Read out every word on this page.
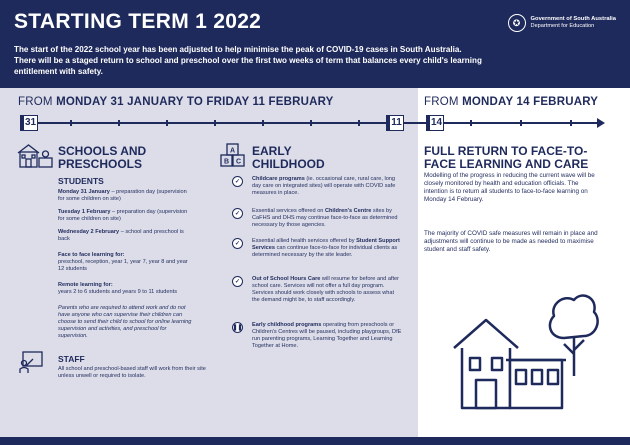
STARTING TERM 1 2022
The start of the 2022 school year has been adjusted to help minimise the peak of COVID-19 cases in South Australia. There will be a staged return to school and preschool over the first two weeks of term that balances every child's learning entitlement with safety.
✪	Government of South Australia
Department for Education
FROM MONDAY 31 JANUARY TO FRIDAY 11 FEBRUARY	FROM MONDAY 14 FEBRUARY
31	11	14
SCHOOLS AND
PRESCHOOLS
STUDENTS

Monday 31 January – preparation day (supervision for some children on site)

Tuesday 1 February – preparation day (supervision for some children on site)

Wednesday 2 February – school and preschool is back

Face to face learning for:
preschool, reception, year 1, year 7, year 8 and year 12 students

Remote learning for:
years 2 to 6 students and years 9 to 11 students

Parents who are required to attend work and do not have anyone who can supervise their children can choose to send their child to school for online learning supervision and activities, and preschool for supervision.

STAFF
All school and preschool-based staff will work from their site unless unwell or required to isolate.
A
B C
EARLY
CHILDHOOD
✓	Childcare programs (ie. occasional care, rural care, long day care on integrated sites) will operate with COVID safe measures in place.
✓	Essential services offered on Children's Centre sites by CaFHS and DHS may continue face-to-face as determined necessary by those agencies.
✓	Essential allied health services offered by Student Support Services can continue face-to-face for individual clients as determined necessary by the site leader.
✓	Out of School Hours Care will resume for before and after school care. Services will not offer a full day program. Services should work closely with schools to assess what the demand might be, to staff accordingly.
❚❚ Early childhood programs operating from preschools or Children's Centres will be paused, including playgroups, DfE run parenting programs, Learning Together and Learning Together at Home.
FULL RETURN TO FACE-TO-
FACE LEARNING AND CARE
Modelling of the progress in reducing the current wave will be closely monitored by health and education officials. The intention is to return all students to face-to-face learning on Monday 14 February.
The majority of COVID safe measures will remain in place and adjustments will continue to be made as needed to maximise student and staff safety.
